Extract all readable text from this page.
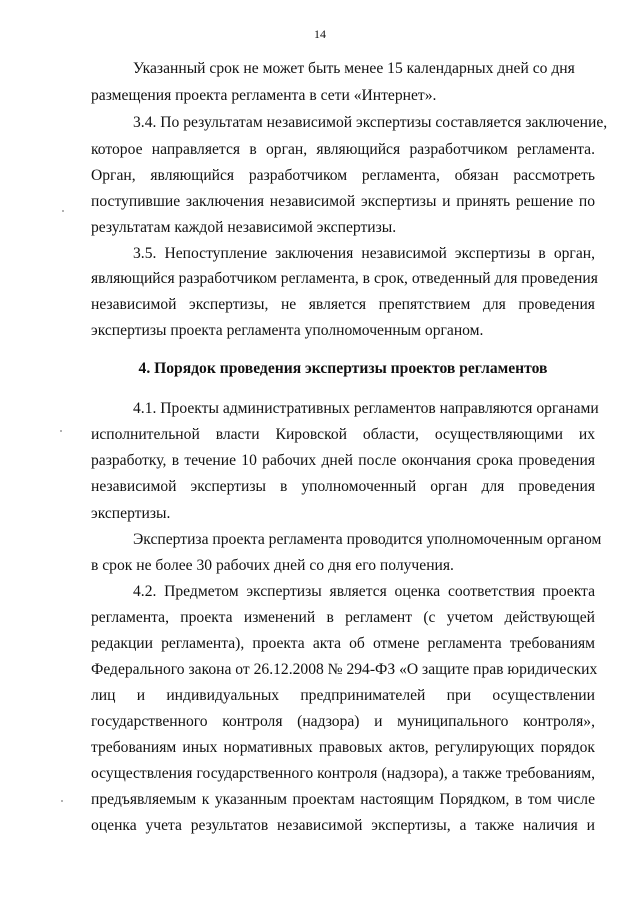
14
Указанный срок не может быть менее 15 календарных дней со дня
размещения проекта регламента в сети «Интернет».
3.4. По результатам независимой экспертизы составляется заключение,
которое направляется в орган, являющийся разработчиком регламента.
Орган, являющийся разработчиком регламента, обязан рассмотреть
поступившие заключения независимой экспертизы и принять решение по
результатам каждой независимой экспертизы.
3.5. Непоступление заключения независимой экспертизы в орган,
являющийся разработчиком регламента, в срок, отведенный для проведения
независимой экспертизы, не является препятствием для проведения
экспертизы проекта регламента уполномоченным органом.
4. Порядок проведения экспертизы проектов регламентов
4.1. Проекты административных регламентов направляются органами
исполнительной власти Кировской области, осуществляющими их
разработку, в течение 10 рабочих дней после окончания срока проведения
независимой экспертизы в уполномоченный орган для проведения
экспертизы.
Экспертиза проекта регламента проводится уполномоченным органом
в срок не более 30 рабочих дней со дня его получения.
4.2. Предметом экспертизы является оценка соответствия проекта
регламента, проекта изменений в регламент (с учетом действующей
редакции регламента), проекта акта об отмене регламента требованиям
Федерального закона от 26.12.2008 № 294-ФЗ «О защите прав юридических
лиц и индивидуальных предпринимателей при осуществлении
государственного контроля (надзора) и муниципального контроля»,
требованиям иных нормативных правовых актов, регулирующих порядок
осуществления государственного контроля (надзора), а также требованиям,
предъявляемым к указанным проектам настоящим Порядком, в том числе
оценка учета результатов независимой экспертизы, а также наличия и
